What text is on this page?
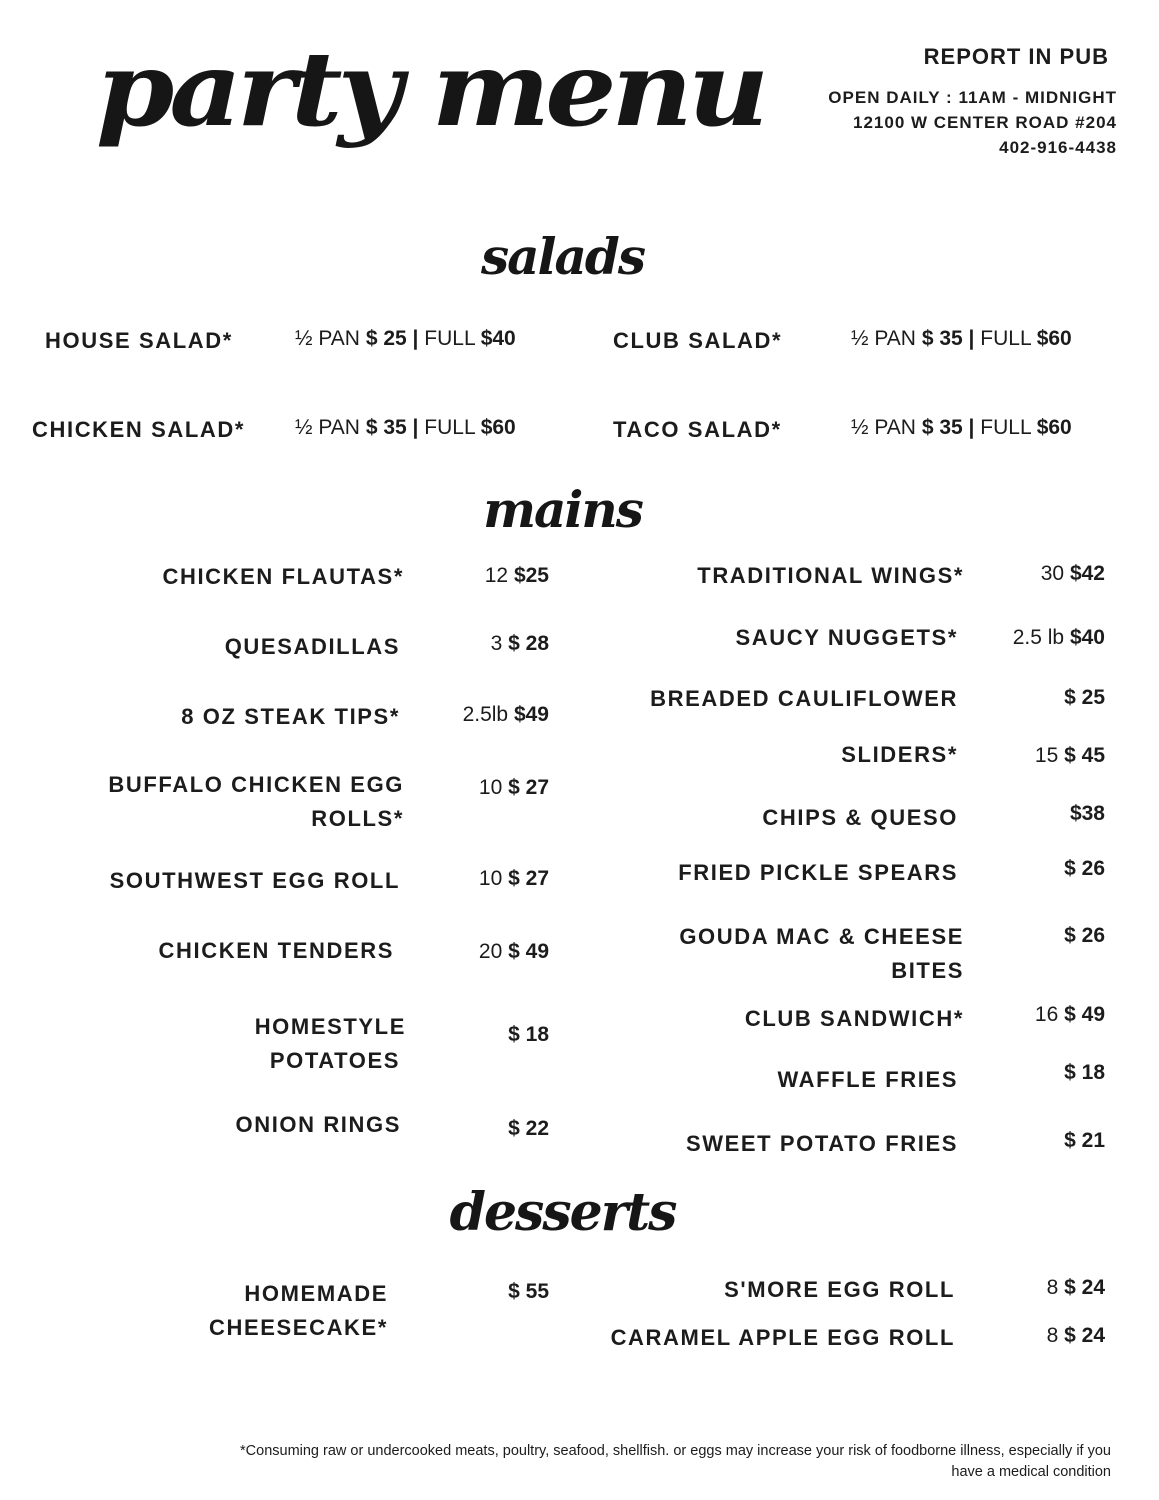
party menu	REPORT IN PUB
OPEN DAILY : 11AM - MIDNIGHT
12100 W CENTER ROAD #204
402-916-4438
salads
HOUSE SALAD*	½ PAN $ 25 | FULL $40	CLUB SALAD*	½ PAN $ 35 | FULL $60
CHICKEN SALAD* ½ PAN $ 35 | FULL $60	TACO SALAD*	½ PAN $ 35 | FULL $60
mains
CHICKEN FLAUTAS*	12 $25
QUESADILLAS	3 $ 28
8 OZ STEAK TIPS*	2.5lb $49
BUFFALO CHICKEN EGG
ROLLS*
10 $ 27
SOUTHWEST EGG ROLL	10 $ 27
CHICKEN TENDERS	20 $ 49
HOMESTYLE
POTATOES
$ 18
ONION RINGS	$ 22
TRADITIONAL WINGS*	30 $42
SAUCY NUGGETS*	2.5 lb $40
BREADED CAULIFLOWER	$ 25
SLIDERS*	15 $ 45
CHIPS & QUESO	$38
FRIED PICKLE SPEARS	$ 26
GOUDA MAC & CHEESE
BITES
$ 26
CLUB SANDWICH*	16 $ 49
WAFFLE FRIES	$ 18
SWEET POTATO FRIES	$ 21
desserts
HOMEMADE
CHEESECAKE*
$ 55	S'MORE EGG ROLL	8 $ 24
CARAMEL APPLE EGG ROLL	8 $ 24
*Consuming raw or undercooked meats, poultry, seafood, shellfish. or eggs may increase your risk of foodborne illness, especially if you
have a medical condition
